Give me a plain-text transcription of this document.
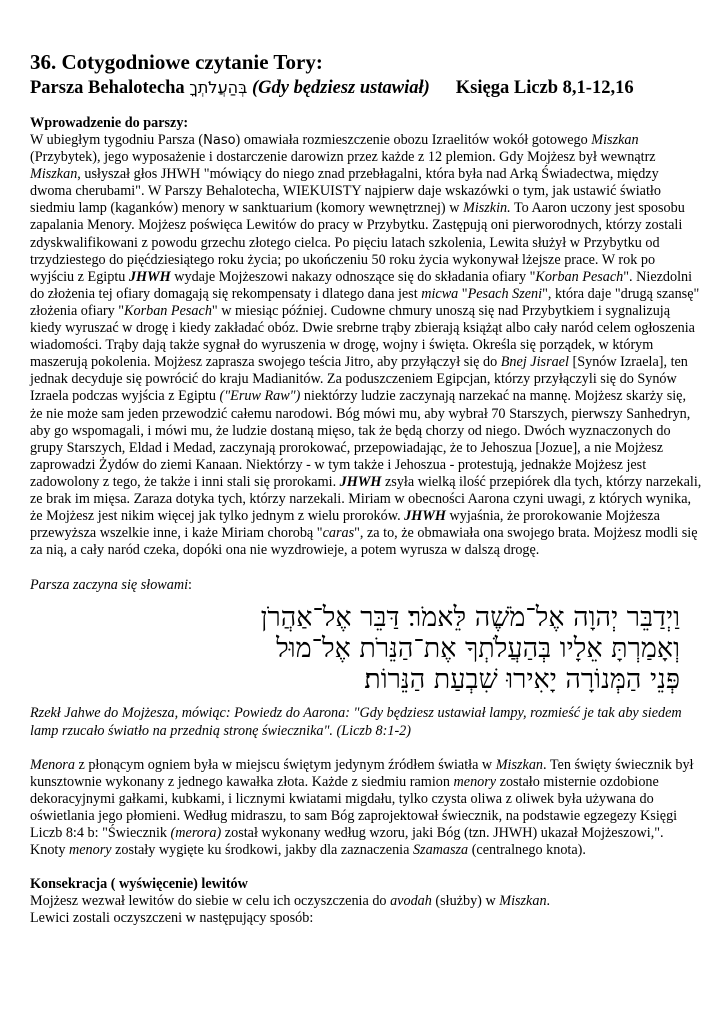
36. Cotygodniowe czytanie Tory:
Parsza Behalotecha בְּהַעֲלֹתְךָ (Gdy będziesz ustawiał) Księga Liczb 8,1-12,16

Wprowadzenie do parszy:

W ubiegłym tygodniu Parsza (Naso) omawiała rozmieszczenie obozu Izraelitów wokół gotowego Miszkan (Przybytek), jego wyposażenie i dostarczenie darowizn przez każde z 12 plemion. Gdy Mojżesz był wewnątrz Miszkan, usłyszał głos JHWH "mówiący do niego znad przebłagalni, która była nad Arką Świadectwa, między dwoma cherubami". W Parszy Behalotecha, WIEKUISTY najpierw daje wskazówki o tym, jak ustawić światło siedmiu lamp (kaganków) menory w sanktuarium (komory wewnętrznej) w Miszkin. To Aaron uczony jest sposobu zapalania Menory. Mojżesz poświęca Lewitów do pracy w Przybytku. Zastępują oni pierworodnych, którzy zostali zdyskwalifikowani z powodu grzechu złotego cielca. Po pięciu latach szkolenia, Lewita służył w Przybytku od trzydziestego do pięćdziesiątego roku życia; po ukończeniu 50 roku życia wykonywał lżejsze prace. W rok po wyjściu z Egiptu JHWH wydaje Mojżeszowi nakazy odnoszące się do składania ofiary "Korban Pesach". Niezdolni do złożenia tej ofiary domagają się rekompensaty i dlatego dana jest micwa "Pesach Szeni", która daje "drugą szansę" złożenia ofiary "Korban Pesach" w miesiąc później. Cudowne chmury unoszą się nad Przybytkiem i sygnalizują kiedy wyruszać w drogę i kiedy zakładać obóz. Dwie srebrne trąby zbierają książąt albo cały naród celem ogłoszenia wiadomości. Trąby dają także sygnał do wyruszenia w drogę, wojny i święta. Określa się porządek, w którym maszerują pokolenia. Mojżesz zaprasza swojego teścia Jitro, aby przyłączył się do Bnej Jisrael [Synów Izraela], ten jednak decyduje się powrócić do kraju Madianitów. Za poduszczeniem Egipcjan, którzy przyłączyli się do Synów Izraela podczas wyjścia z Egiptu ("Eruw Raw") niektórzy ludzie zaczynają narzekać na mannę. Mojżesz skarży się, że nie może sam jeden przewodzić całemu narodowi. Bóg mówi mu, aby wybrał 70 Starszych, pierwszy Sanhedryn, aby go wspomagali, i mówi mu, że ludzie dostaną mięso, tak że będą chorzy od niego. Dwóch wyznaczonych do grupy Starszych, Eldad i Medad, zaczynają prorokować, przepowiadając, że to Jehoszua [Jozue], a nie Mojżesz zaprowadzi Żydów do ziemi Kanaan. Niektórzy - w tym także i Jehoszua - protestują, jednakże Mojżesz jest zadowolony z tego, że także i inni stali się prorokami. JHWH zsyła wielką ilość przepiórek dla tych, którzy narzekali, ze brak im mięsa. Zaraza dotyka tych, którzy narzekali. Miriam w obecności Aarona czyni uwagi, z których wynika, że Mojżesz jest nikim więcej jak tylko jednym z wielu proroków. JHWH wyjaśnia, że prorokowanie Mojżesza przewyższa wszelkie inne, i każe Miriam chorobą "caras", za to, że obmawiała ona swojego brata. Mojżesz modli się za nią, a cały naród czeka, dopóki ona nie wyzdrowieje, a potem wyrusza w dalszą drogę.

Parsza zaczyna się słowami:

וַיְדַבֵּר יְהוָה אֶל־מֹשֶׁה לֵּאמֹר׃ דַּבֵּר אֶל־אַהֲרֹן
וְאָמַרְתָּ אֵלָיו בְּהַעֲלֹתְךָ אֶת־הַנֵּרֹת אֶל־מוּל
פְּנֵי הַמְּנוֹרָה יָאִירוּ שִׁבְעַת הַנֵּרוֹת׃

Rzekł Jahwe do Mojżesza, mówiąc: Powiedz do Aarona: "Gdy będziesz ustawiał lampy, rozmieść je tak aby siedem lamp rzucało światło na przednią stronę świecznika". (Liczb 8:1-2)

Menora z płonącym ogniem była w miejscu świętym jedynym źródłem światła w Miszkan. Ten święty świecznik był kunsztownie wykonany z jednego kawałka złota. Każde z siedmiu ramion menory zostało misternie ozdobione dekoracyjnymi gałkami, kubkami, i licznymi kwiatami migdału, tylko czysta oliwa z oliwek była używana do oświetlania jego płomieni. Według midraszu, to sam Bóg zaprojektował świecznik, na podstawie egzegezy Księgi Liczb 8:4 b: "Świecznik (merora) został wykonany według wzoru, jaki Bóg (tzn. JHWH) ukazał Mojżeszowi,". Knoty menory zostały wygięte ku środkowi, jakby dla zaznaczenia Szamasza (centralnego knota).

Konsekracja ( wyświęcenie) lewitów

Mojżesz wezwał lewitów do siebie w celu ich oczyszczenia do avodah (służby) w Miszkan.
Lewici zostali oczyszczeni w następujący sposób:
